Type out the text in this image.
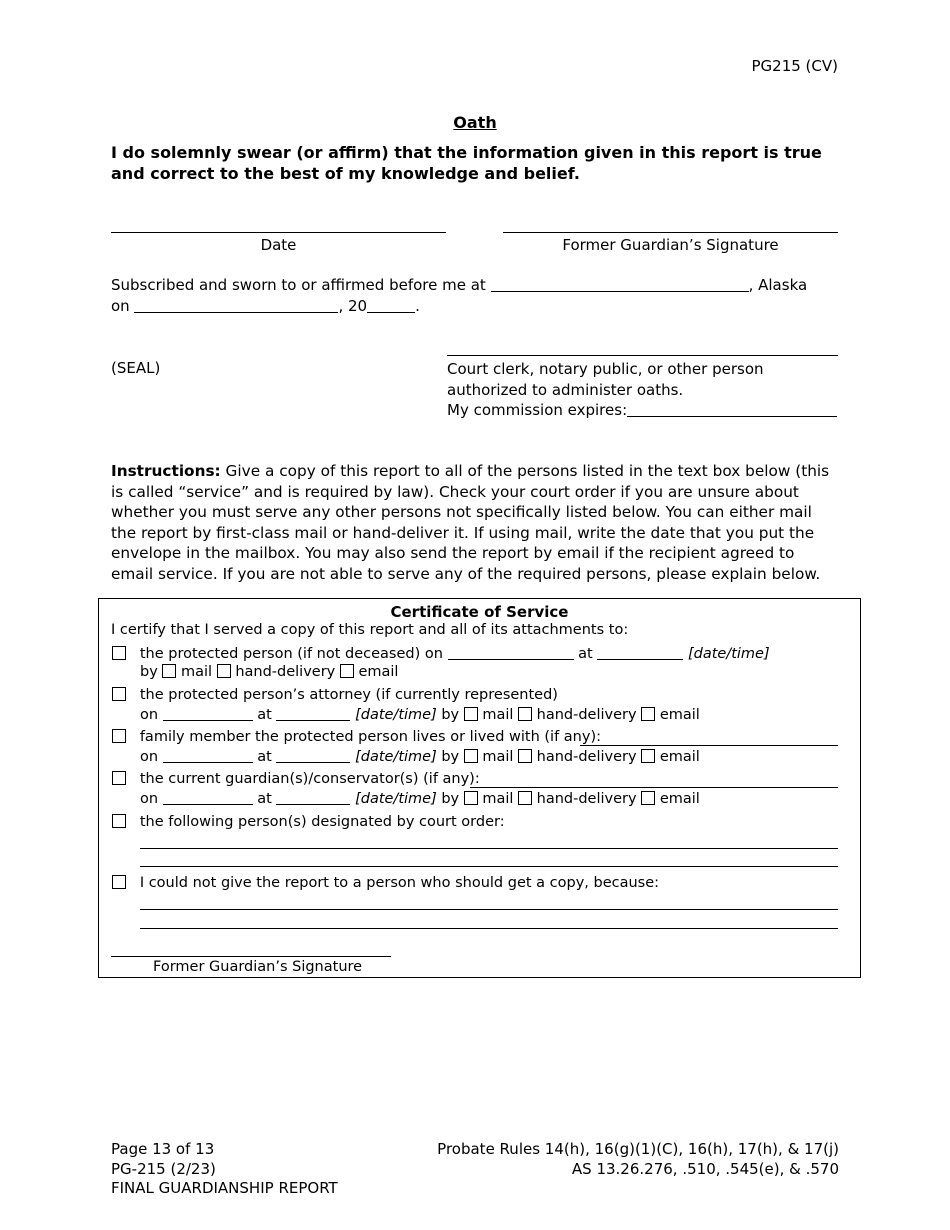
PG215 (CV)
Oath
I do solemnly swear (or affirm) that the information given in this report is true and correct to the best of my knowledge and belief.
Date	Former Guardian’s Signature
Subscribed and sworn to or affirmed before me at	, Alaska
on	, 20	.
(SEAL)	Court clerk, notary public, or other person
authorized to administer oaths.
My commission expires:
Instructions: Give a copy of this report to all of the persons listed in the text box below (this is called “service” and is required by law). Check your court order if you are unsure about whether you must serve any other persons not specifically listed below. You can either mail the report by first-class mail or hand-deliver it. If using mail, write the date that you put the envelope in the mailbox. You may also send the report by email if the recipient agreed to email service. If you are not able to serve any of the required persons, please explain below.
Certificate of Service
I certify that I served a copy of this report and all of its attachments to:
the protected person (if not deceased) on	at	[date/time]
by mail hand-delivery email
the protected person’s attorney (if currently represented)
on	at	[date/time] by mail hand-delivery email
family member the protected person lives or lived with (if any):
on	at	[date/time] by mail hand-delivery email
the current guardian(s)/conservator(s) (if any):
on	at	[date/time] by mail hand-delivery email
the following person(s) designated by court order:
I could not give the report to a person who should get a copy, because:
Former Guardian’s Signature
Page 13 of 13
PG-215 (2/23)
FINAL GUARDIANSHIP REPORT
Probate Rules 14(h), 16(g)(1)(C), 16(h), 17(h), & 17(j)
AS 13.26.276, .510, .545(e), & .570
